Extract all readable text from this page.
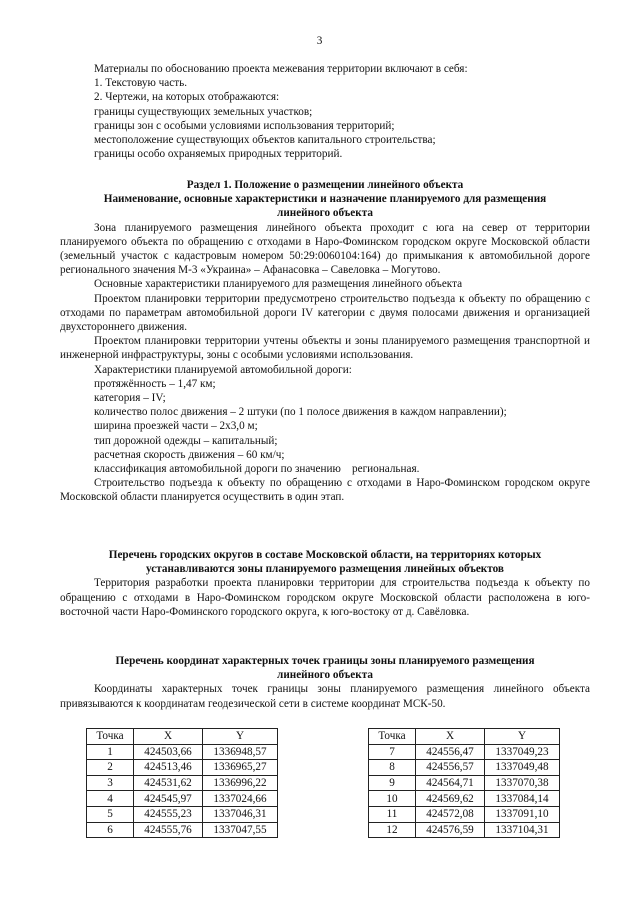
3

Материалы по обоснованию проекта межевания территории включают в себя:

1. Текстовую часть.

2. Чертежи, на которых отображаются:

границы существующих земельных участков;

границы зон с особыми условиями использования территорий;

местоположение существующих объектов капитального строительства;

границы особо охраняемых природных территорий.

Раздел 1. Положение о размещении линейного объекта

Наименование, основные характеристики и назначение планируемого для размещения линейного объекта

Зона планируемого размещения линейного объекта проходит с юга на север от территории планируемого объекта по обращению с отходами в Наро-Фоминском городском округе Московской области (земельный участок с кадастровым номером 50:29:0060104:164) до примыкания к автомобильной дороге регионального значения М-3 «Украина» – Афанасовка – Савеловка – Могутово.

Основные характеристики планируемого для размещения линейного объекта

Проектом планировки территории предусмотрено строительство подъезда к объекту по обращению с отходами по параметрам автомобильной дороги IV категории с двумя полосами движения и организацией двухстороннего движения.

Проектом планировки территории учтены объекты и зоны планируемого размещения транспортной и инженерной инфраструктуры, зоны с особыми условиями использования.

Характеристики планируемой автомобильной дороги:

протяжённость – 1,47 км;

категория – IV;

количество полос движения – 2 штуки (по 1 полосе движения в каждом направлении);

ширина проезжей части – 2х3,0 м;

тип дорожной одежды – капитальный;

расчетная скорость движения – 60 км/ч;

классификация автомобильной дороги по значению    региональная.

Строительство подъезда к объекту по обращению с отходами в Наро-Фоминском городском округе Московской области планируется осуществить в один этап.

Перечень городских округов в составе Московской области, на территориях которых устанавливаются зоны планируемого размещения линейных объектов

Территория разработки проекта планировки территории для строительства подъезда к объекту по обращению с отходами в Наро-Фоминском городском округе Московской области расположена в юго-восточной части Наро-Фоминского городского округа, к юго-востоку от д. Савёловка.

Перечень координат характерных точек границы зоны планируемого размещения линейного объекта

Координаты характерных точек границы зоны планируемого размещения линейного объекта привязываются к координатам геодезической сети в системе координат МСК-50.

Точка	X	Y
1	424503,66	1336948,57
2	424513,46	1336965,27
3	424531,62	1336996,22
4	424545,97	1337024,66
5	424555,23	1337046,31
6	424555,76	1337047,55
Точка	X	Y
7	424556,47	1337049,23
8	424556,57	1337049,48
9	424564,71	1337070,38
10	424569,62	1337084,14
11	424572,08	1337091,10
12	424576,59	1337104,31
